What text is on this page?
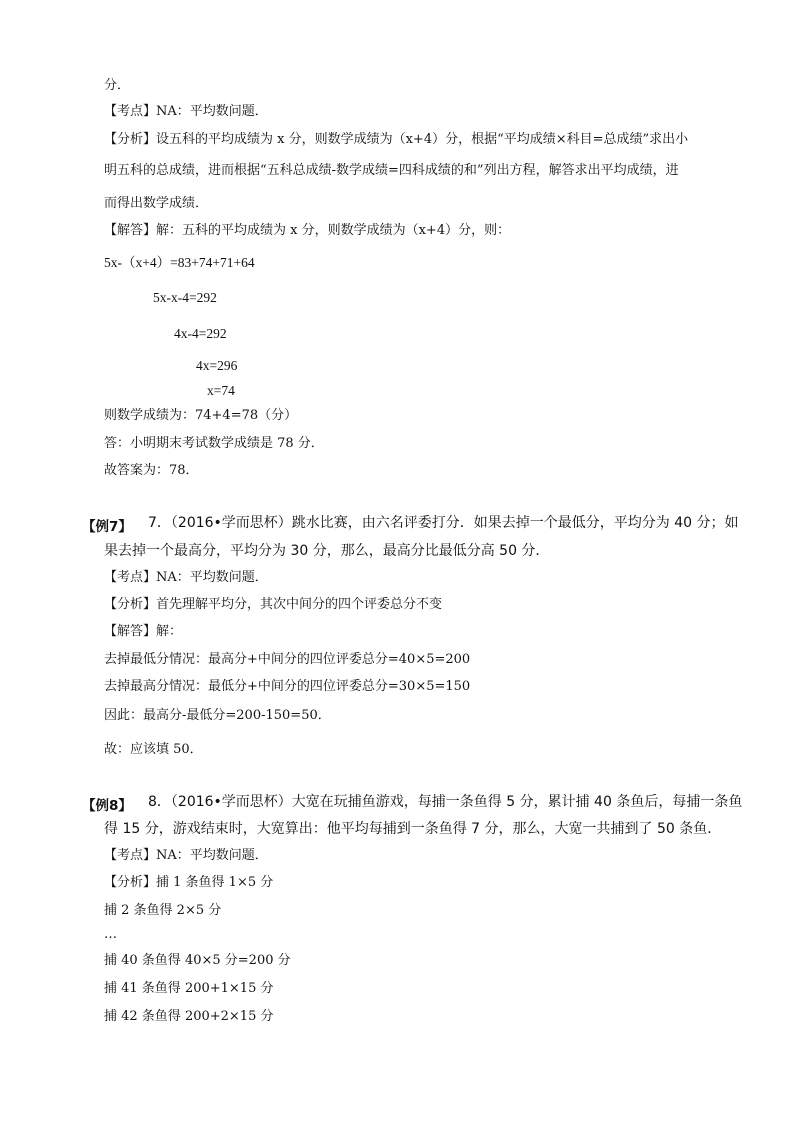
分．
【考点】NA：平均数问题．
【分析】设五科的平均成绩为 x 分，则数学成绩为（x+4）分，根据“平均成绩×科目=总成绩”求出小
明五科的总成绩，进而根据“五科总成绩-数学成绩=四科成绩的和”列出方程，解答求出平均成绩，进
而得出数学成绩．
【解答】解：五科的平均成绩为 x 分，则数学成绩为（x+4）分，则：
5x-（x+4）=83+74+71+64
5x-x-4=292
4x-4=292
4x=296
x=74
则数学成绩为：74+4=78（分）
答：小明期末考试数学成绩是 78 分．
故答案为：78．
【例7】 7．（2016•学而思杯）跳水比赛，由六名评委打分．如果去掉一个最低分，平均分为 40 分；如
果去掉一个最高分，平均分为 30 分，那么，最高分比最低分高 50 分．
【考点】NA：平均数问题．
【分析】首先理解平均分，其次中间分的四个评委总分不变
【解答】解：
去掉最低分情况：最高分+中间分的四位评委总分=40×5=200
去掉最高分情况：最低分+中间分的四位评委总分=30×5=150
因此：最高分-最低分=200-150=50．
故：应该填 50．
【例8】 8．（2016•学而思杯）大宽在玩捕鱼游戏，每捕一条鱼得 5 分，累计捕 40 条鱼后，每捕一条鱼
得 15 分，游戏结束时，大宽算出：他平均每捕到一条鱼得 7 分，那么，大宽一共捕到了 50 条鱼．
【考点】NA：平均数问题．
【分析】捕 1 条鱼得 1×5 分
捕 2 条鱼得 2×5 分
…
捕 40 条鱼得 40×5 分=200 分
捕 41 条鱼得 200+1×15 分
捕 42 条鱼得 200+2×15 分
